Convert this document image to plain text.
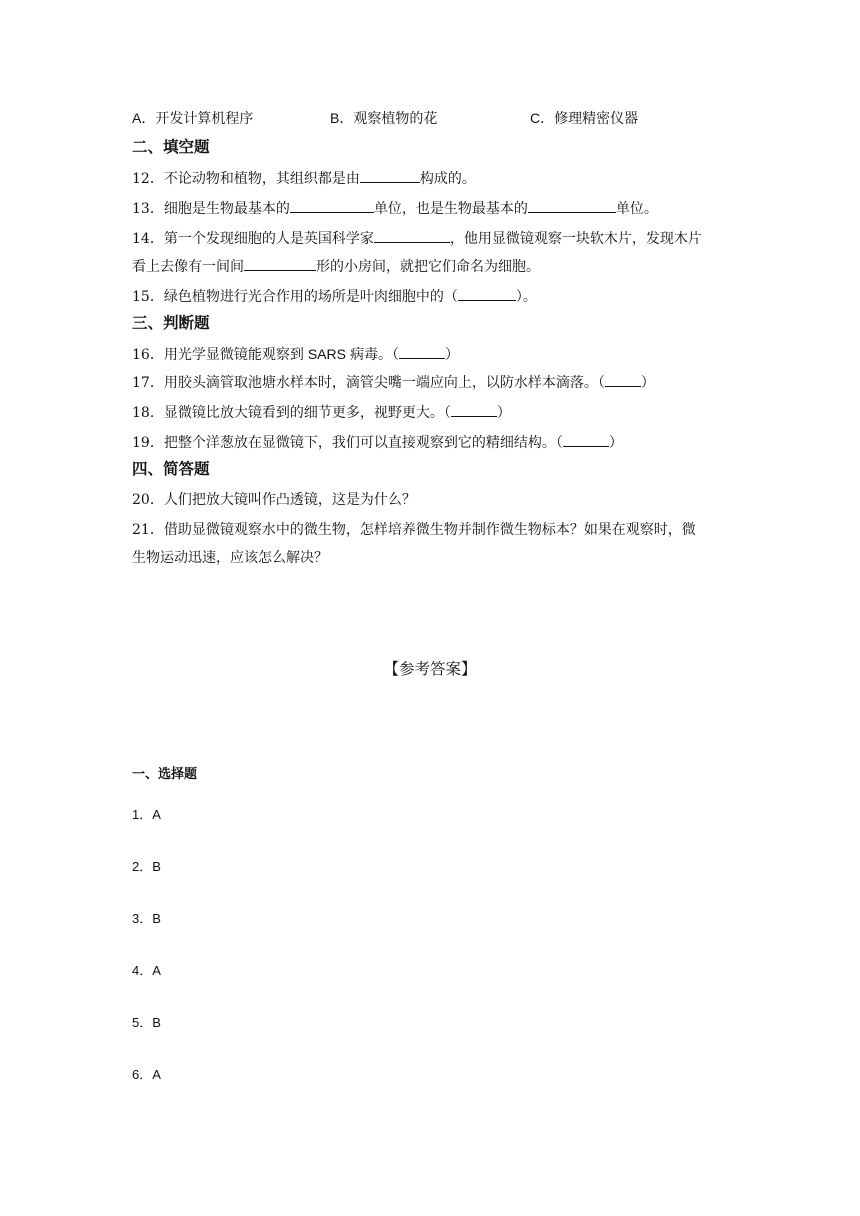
A．开发计算机程序	B．观察植物的花	C．修理精密仪器
二、填空题
12．不论动物和植物，其组织都是由	构成的。
13．细胞是生物最基本的	单位，也是生物最基本的	单位。
14．第一个发现细胞的人是英国科学家	，他用显微镜观察一块软木片，发现木片
看上去像有一间间	形的小房间，就把它们命名为细胞。
15．绿色植物进行光合作用的场所是叶肉细胞中的（	）。
三、判断题
16．用光学显微镜能观察到 SARS 病毒。（	）
17．用胶头滴管取池塘水样本时，滴管尖嘴一端应向上，以防水样本滴落。（	）
18．显微镜比放大镜看到的细节更多，视野更大。（	）
19．把整个洋葱放在显微镜下，我们可以直接观察到它的精细结构。（	）
四、简答题
20．人们把放大镜叫作凸透镜，这是为什么？
21．借助显微镜观察水中的微生物，怎样培养微生物并制作微生物标本？如果在观察时，微
生物运动迅速，应该怎么解决？
【参考答案】
一、选择题
1．A
2．B
3．B
4．A
5．B
6．A
